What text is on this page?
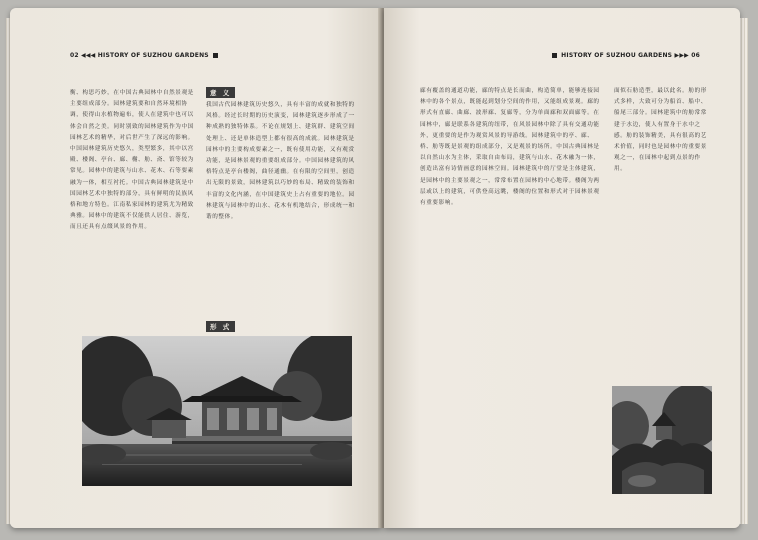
02 ◀◀◀ HISTORY OF SUZHOU GARDENS
衡、构思巧妙，在中国古典园林中自然景观是主要组成部分。园林建筑要和自然环境相协调，使得山水植物遍布，使人在建筑中也可以体会自然之美。同时别致的园林建筑作为中国园林艺术的精华，对后世产生了深远的影响。中国园林建筑历史悠久，类型繁多，其中以宫殿、楼阁、亭台、廊、榭、舫、斋、馆等较为常见。园林中的建筑与山水、花木、石等要素融为一体，相互衬托。中国古典园林建筑是中国园林艺术中独特的部分，具有鲜明的民族风格和地方特色。江南私家园林的建筑尤为精致典雅。园林中的建筑不仅能供人居住、游览，而且还具有点缀风景的作用。
意 义
我国古代园林建筑历史悠久，具有丰富的成就和独特的风格。经过长时期的历史演变，园林建筑逐步形成了一种成熟的独特体系。不论在规划上、建筑群、建筑空间处理上、还是单体造型上都有很高的成就。园林建筑是园林中的主要构成要素之一，既有使用功能，又有观赏功能，是园林景观的重要组成部分。中国园林建筑的风格特点是亭台楼阁，曲径通幽。在有限的空间里，创造出无限的景致，园林建筑以巧妙的布局、精致的装饰和丰富的文化内涵，在中国建筑史上占有重要的地位。园林建筑与园林中的山水、花木有机地结合，形成统一和谐的整体。
形 式
HISTORY OF SUZHOU GARDENS ▶▶▶ 06
廊有覆盖的通道功能，廊的特点是长而曲，构造简单，能够连接园林中的各个景点，既能起到划分空间的作用，又能组成景观。廊的形式有直廊、曲廊、波形廊、复廊等，分为单面廊和双面廊等。在园林中，廊是联系各建筑的纽带，在风景园林中除了具有交通功能外，更重要的是作为观赏风景的导游线。园林建筑中的亭、廊、桥、舫等既是景观的组成部分，又是观景的场所。中国古典园林是以自然山水为主体，采取自由布局，建筑与山水、花木融为一体，创造出富有诗情画意的园林空间。园林建筑中的厅堂是主体建筑，是园林中的主要景观之一，常常布置在园林的中心地带。楼阁为两层或以上的建筑，可供登高远眺，楼阁的位置和形式对于园林景观有重要影响。
面似石舫造型，最以此名。舫的形式多样，大致可分为船首、船中、船尾三部分。园林建筑中的舫常常建于水边，使人有置身于水中之感。舫的装饰精美，具有很高的艺术价值，同时也是园林中的重要景观之一，在园林中起到点景的作用。
